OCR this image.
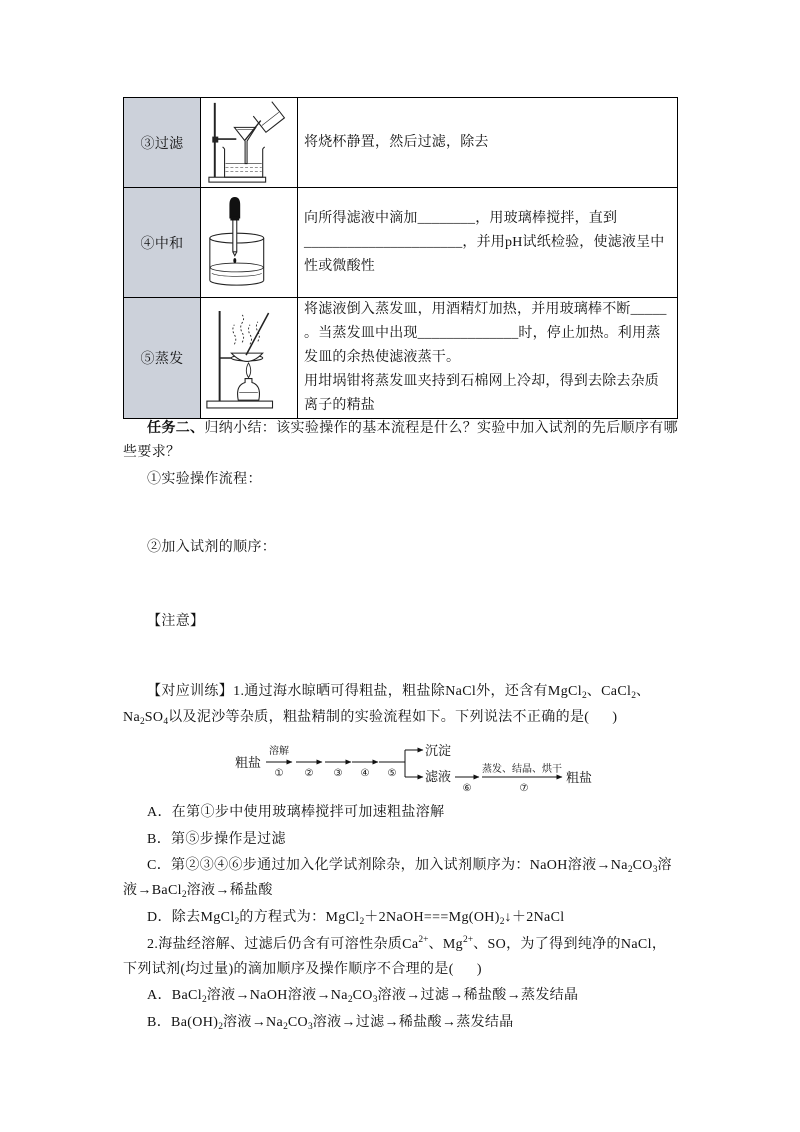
③过滤		将烧杯静置，然后过滤，除去

④中和		向所得滤液中滴加________，用玻璃棒搅拌，直到
______________________，并用pH试纸检验，使滤液呈中
性或微酸性

⑤蒸发		将滤液倒入蒸发皿，用酒精灯加热，并用玻璃棒不断_____
。当蒸发皿中出现______________时，停止加热。利用蒸
发皿的余热使滤液蒸干。
用坩埚钳将蒸发皿夹持到石棉网上冷却，得到去除去杂质
离子的精盐
任务二、归纳小结：该实验操作的基本流程是什么？实验中加入试剂的先后顺序有哪
些要求？
①实验操作流程：
②加入试剂的顺序：
【注意】
【对应训练】1.通过海水晾晒可得粗盐，粗盐除NaCl外，还含有MgCl$_2$、CaCl$_2$、
$Na_2SO_4$以及泥沙等杂质，粗盐精制的实验流程如下。下列说法不正确的是(      )
粗盐
溶解
① ② ③ ④ ⑤
沉淀
滤液
⑥
蒸发、结晶、烘干
⑦
粗盐
A．在第①步中使用玻璃棒搅拌可加速粗盐溶解
B．第⑤步操作是过滤
C．第②③④⑥步通过加入化学试剂除杂，加入试剂顺序为：NaOH溶液$\to Na_2CO_3$溶
液→BaCl$_2$溶液→稀盐酸
D．除去MgCl$_2$的方程式为：$MgCl_2+2NaOH===Mg(OH)_2↓+2NaCl$
2.海盐经溶解、过滤后仍含有可溶性杂质$Ca^{2+}$、$Mg^{2+}$、SO，为了得到纯净的NaCl，
下列试剂(均过量)的滴加顺序及操作顺序不合理的是(      )
A．BaCl$_2$溶液→NaOH溶液$\to Na_2CO_3$溶液→过滤→稀盐酸→蒸发结晶
B．$Ba(OH)_2$溶液$\to Na_2CO_3$溶液→过滤→稀盐酸→蒸发结晶
